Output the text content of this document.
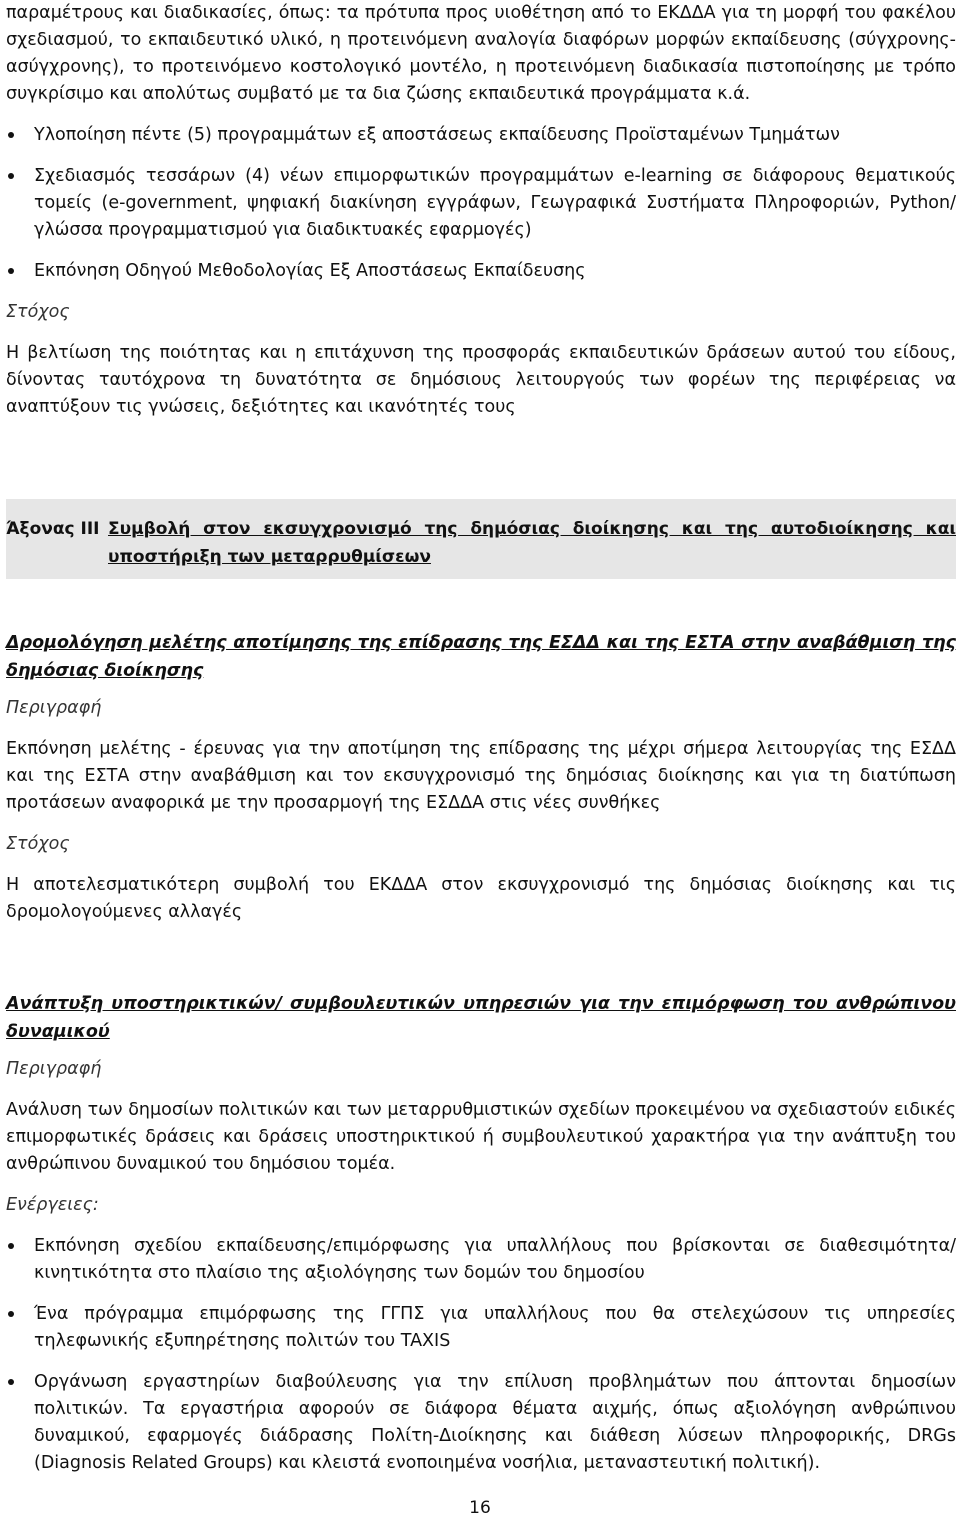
παραμέτρους και διαδικασίες, όπως: τα πρότυπα προς υιοθέτηση από το ΕΚΔΔΑ για τη μορφή του φακέλου σχεδιασμού, το εκπαιδευτικό υλικό, η προτεινόμενη αναλογία διαφόρων μορφών εκπαίδευσης (σύγχρονης- ασύγχρονης), το προτεινόμενο κοστολογικό μοντέλο, η προτεινόμενη διαδικασία πιστοποίησης με τρόπο συγκρίσιμο και απολύτως συμβατό με τα δια ζώσης εκπαιδευτικά προγράμματα κ.ά.

Υλοποίηση πέντε (5) προγραμμάτων εξ αποστάσεως εκπαίδευσης Προϊσταμένων Τμημάτων
Σχεδιασμός τεσσάρων (4) νέων επιμορφωτικών προγραμμάτων e-learning σε διάφορους θεματικούς τομείς (e-government, ψηφιακή διακίνηση εγγράφων, Γεωγραφικά Συστήματα Πληροφοριών, Python/γλώσσα προγραμματισμού για διαδικτυακές εφαρμογές)
Εκπόνηση Οδηγού Μεθοδολογίας Εξ Αποστάσεως Εκπαίδευσης

Στόχος

Η βελτίωση της ποιότητας και η επιτάχυνση της προσφοράς εκπαιδευτικών δράσεων αυτού του είδους, δίνοντας ταυτόχρονα τη δυνατότητα σε δημόσιους λειτουργούς των φορέων της περιφέρειας να αναπτύξουν τις γνώσεις, δεξιότητες και ικανότητές τους

Άξονας ΙΙΙ Συμβολή στον εκσυγχρονισμό της δημόσιας διοίκησης και της αυτοδιοίκησης και υποστήριξη των μεταρρυθμίσεων

Δρομολόγηση μελέτης αποτίμησης της επίδρασης της ΕΣΔΔ και της ΕΣΤΑ στην αναβάθμιση της δημόσιας διοίκησης

Περιγραφή

Εκπόνηση μελέτης - έρευνας για την αποτίμηση της επίδρασης της μέχρι σήμερα λειτουργίας της ΕΣΔΔ και της ΕΣΤΑ στην αναβάθμιση και τον εκσυγχρονισμό της δημόσιας διοίκησης και για τη διατύπωση προτάσεων αναφορικά με την προσαρμογή της ΕΣΔΔΑ στις νέες συνθήκες

Στόχος

Η αποτελεσματικότερη συμβολή του ΕΚΔΔΑ στον εκσυγχρονισμό της δημόσιας διοίκησης και τις δρομολογούμενες αλλαγές

Ανάπτυξη υποστηρικτικών/ συμβουλευτικών υπηρεσιών για την επιμόρφωση του ανθρώπινου δυναμικού

Περιγραφή

Ανάλυση των δημοσίων πολιτικών και των μεταρρυθμιστικών σχεδίων προκειμένου να σχεδιαστούν ειδικές επιμορφωτικές δράσεις και δράσεις υποστηρικτικού ή συμβουλευτικού χαρακτήρα για την ανάπτυξη του ανθρώπινου δυναμικού του δημόσιου τομέα.

Ενέργειες:

Εκπόνηση σχεδίου εκπαίδευσης/επιμόρφωσης για υπαλλήλους που βρίσκονται σε διαθεσιμότητα/κινητικότητα στο πλαίσιο της αξιολόγησης των δομών του δημοσίου
Ένα πρόγραμμα επιμόρφωσης της ΓΓΠΣ για υπαλλήλους που θα στελεχώσουν τις υπηρεσίες τηλεφωνικής εξυπηρέτησης πολιτών του TAXIS
Οργάνωση εργαστηρίων διαβούλευσης για την επίλυση προβλημάτων που άπτονται δημοσίων πολιτικών. Τα εργαστήρια αφορούν σε διάφορα θέματα αιχμής, όπως αξιολόγηση ανθρώπινου δυναμικού, εφαρμογές διάδρασης Πολίτη-Διοίκησης και διάθεση λύσεων πληροφορικής, DRGs (Diagnosis Related Groups) και κλειστά ενοποιημένα νοσήλια, μεταναστευτική πολιτική).
16
